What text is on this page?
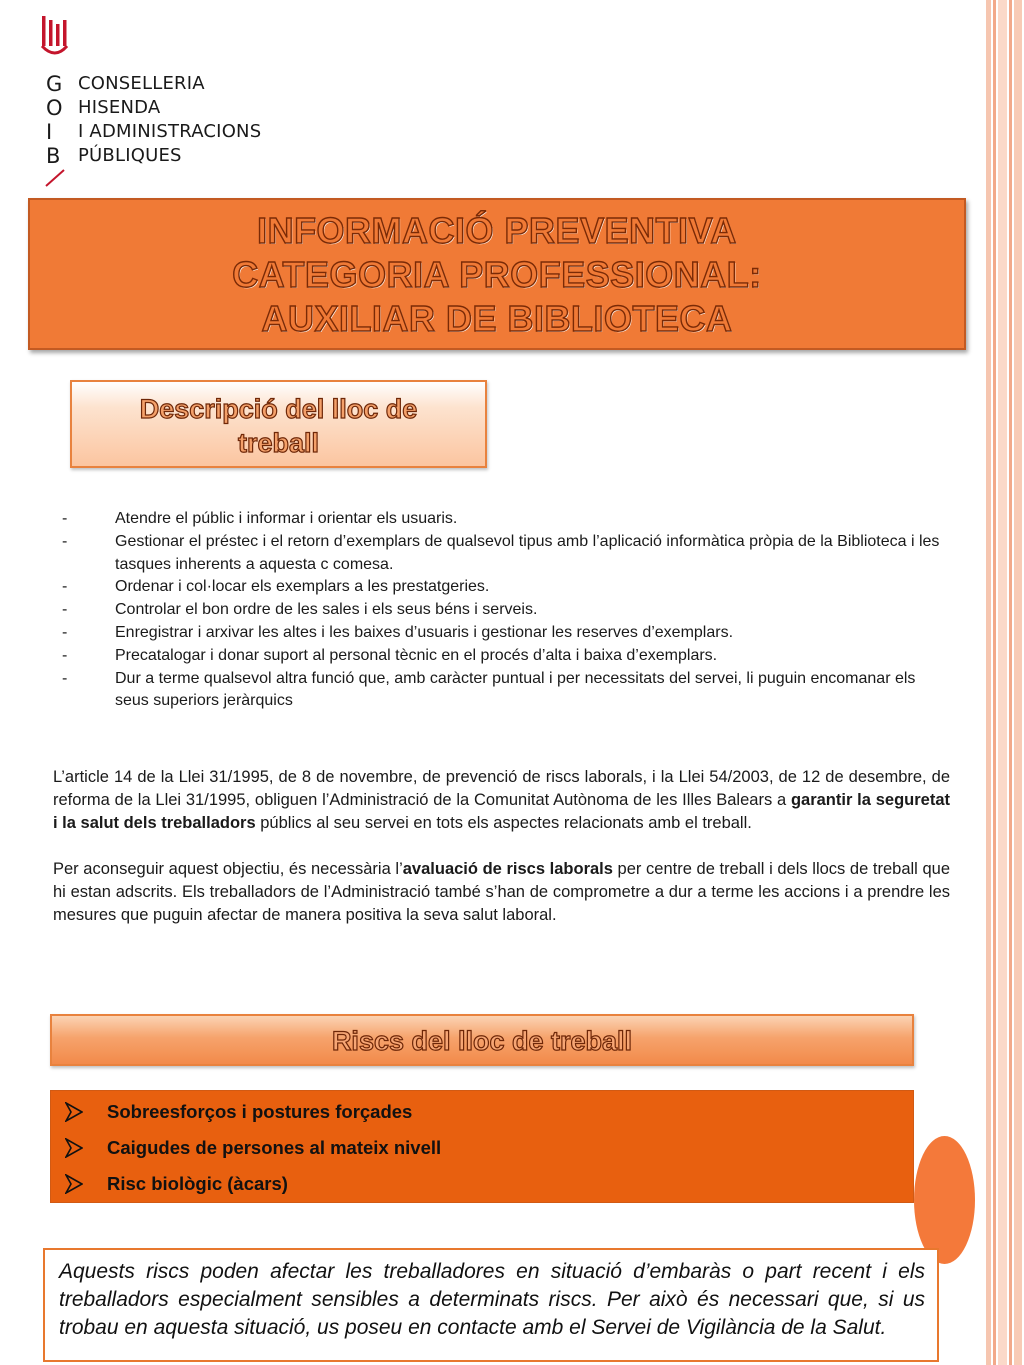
G
O
I
B
CONSELLERIA
HISENDA
I ADMINISTRACIONS
PÚBLIQUES
INFORMACIÓ PREVENTIVA
CATEGORIA PROFESSIONAL:
AUXILIAR DE BIBLIOTECA
Descripció del lloc de
treball
-	Atendre el públic i informar i orientar els usuaris.
-	Gestionar el préstec i el retorn d’exemplars de qualsevol tipus amb l’aplicació informàtica pròpia de la Biblioteca i les tasques inherents a aquesta c comesa.
-	Ordenar i col·locar els exemplars a les prestatgeries.
-	Controlar el bon ordre de les sales i els seus béns i serveis.
-	Enregistrar i arxivar les altes i les baixes d’usuaris i gestionar les reserves d’exemplars.
-	Precatalogar i donar suport al personal tècnic en el procés d’alta i baixa d’exemplars.
-	Dur a terme qualsevol altra funció que, amb caràcter puntual i per necessitats del servei, li puguin encomanar els seus superiors jeràrquics

L’article 14 de la Llei 31/1995, de 8 de novembre, de prevenció de riscs laborals, i la Llei 54/2003, de 12 de desembre, de reforma de la Llei 31/1995, obliguen l’Administració de la Comunitat Autònoma de les Illes Balears a garantir la seguretat i la salut dels treballadors públics al seu servei en tots els aspectes relacionats amb el treball.

Per aconseguir aquest objectiu, és necessària l’avaluació de riscs laborals per centre de treball i dels llocs de treball que hi estan adscrits. Els treballadors de l’Administració també s’han de comprometre a dur a terme les accions i a prendre les mesures que puguin afectar de manera positiva la seva salut laboral.

Riscs del lloc de treball
Sobreesforços i postures forçades
Caigudes de persones al mateix nivell
Risc biològic (àcars)
Aquests riscs poden afectar les treballadores en situació d’embaràs o part recent i els treballadors especialment sensibles a determinats riscs. Per això és necessari que, si us trobau en aquesta situació, us poseu en contacte amb el Servei de Vigilància de la Salut.
